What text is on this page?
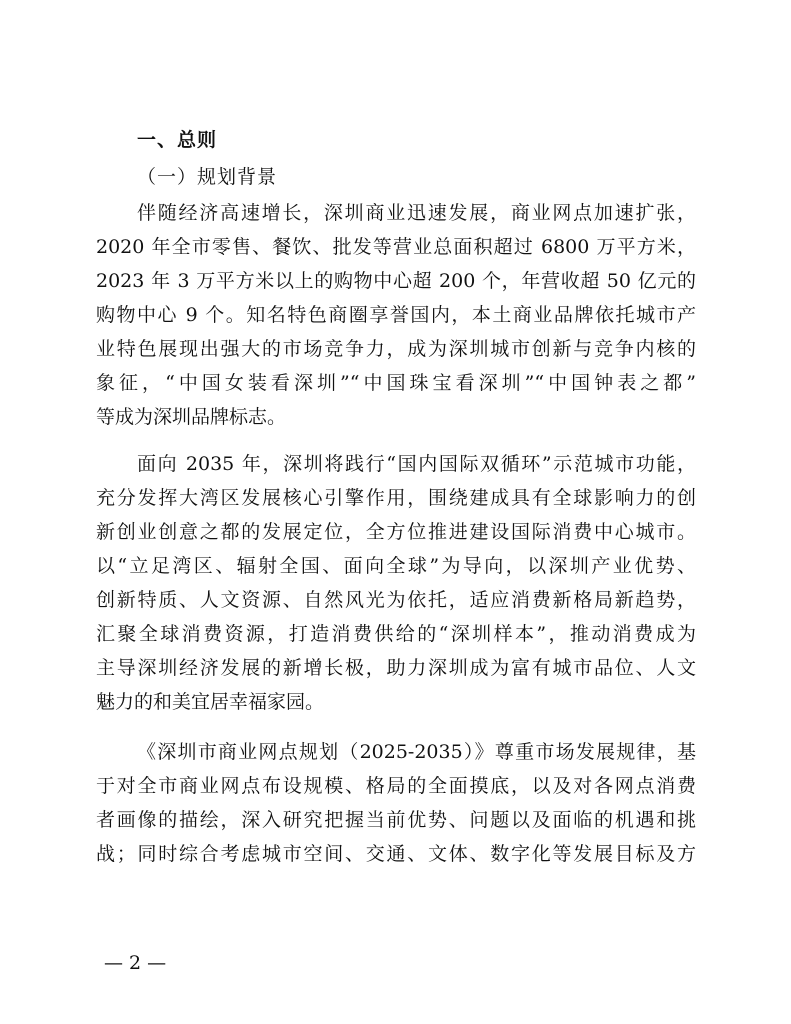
一、总则
（一）规划背景
伴随经济高速增长，深圳商业迅速发展，商业网点加速扩张，
2020 年全市零售、餐饮、批发等营业总面积超过 6800 万平方米，
2023 年 3 万平方米以上的购物中心超 200 个，年营收超 50 亿元的
购物中心 9 个。知名特色商圈享誉国内，本土商业品牌依托城市产
业特色展现出强大的市场竞争力，成为深圳城市创新与竞争内核的
象征，“中国女装看深圳”“中国珠宝看深圳”“中国钟表之都”
等成为深圳品牌标志。
面向 2035 年，深圳将践行“国内国际双循环”示范城市功能，
充分发挥大湾区发展核心引擎作用，围绕建成具有全球影响力的创
新创业创意之都的发展定位，全方位推进建设国际消费中心城市。
以“立足湾区、辐射全国、面向全球”为导向，以深圳产业优势、
创新特质、人文资源、自然风光为依托，适应消费新格局新趋势，
汇聚全球消费资源，打造消费供给的“深圳样本”，推动消费成为
主导深圳经济发展的新增长极，助力深圳成为富有城市品位、人文
魅力的和美宜居幸福家园。
《深圳市商业网点规划（2025-2035）》尊重市场发展规律，基
于对全市商业网点布设规模、格局的全面摸底，以及对各网点消费
者画像的描绘，深入研究把握当前优势、问题以及面临的机遇和挑
战；同时综合考虑城市空间、交通、文体、数字化等发展目标及方
— 2 —
